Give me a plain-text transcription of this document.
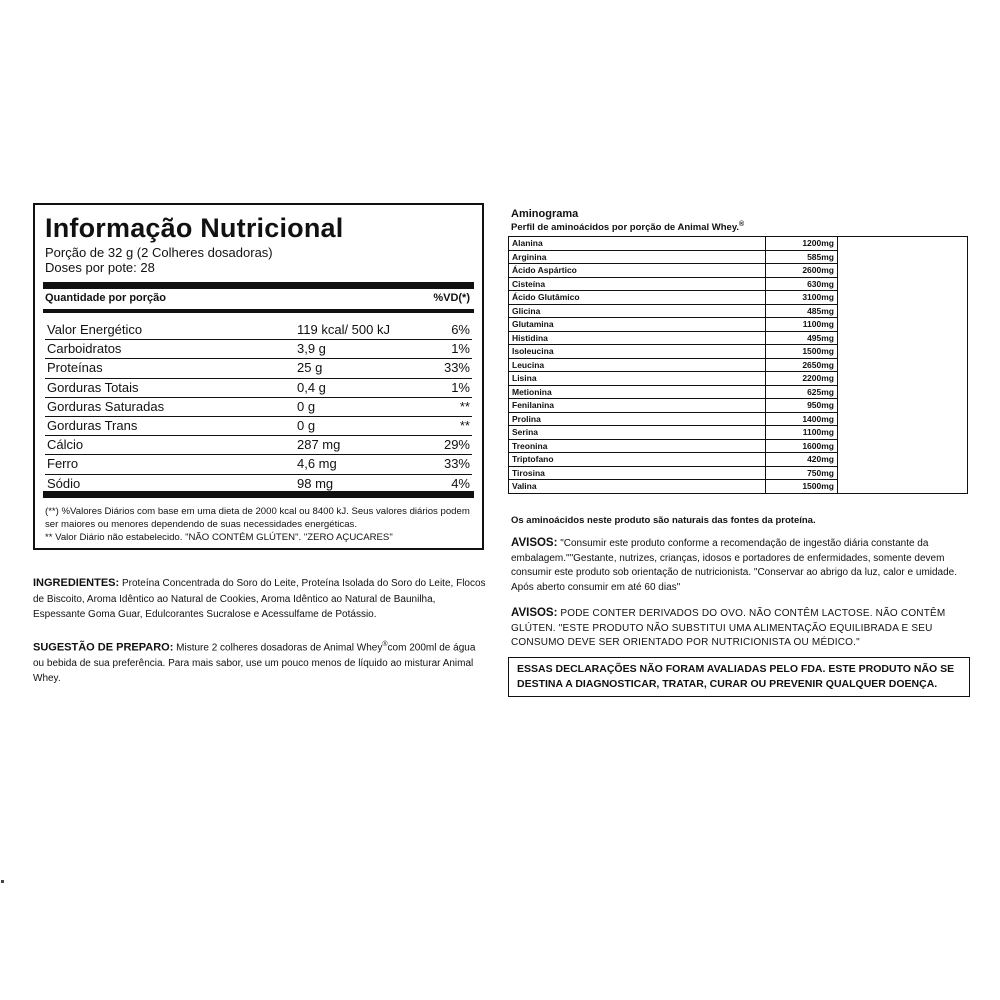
Informação Nutricional
Porção de 32 g (2 Colheres dosadoras)
Doses por pote: 28
Quantidade por porção	%VD(*)
Valor Energético	119 kcal/ 500 kJ	6%
Carboidratos	3,9 g	1%
Proteínas	25 g	33%
Gorduras Totais	0,4 g	1%
Gorduras Saturadas	0 g	**
Gorduras Trans	0 g	**
Cálcio	287 mg	29%
Ferro	4,6 mg	33%
Sódio	98 mg	4%
(**) %Valores Diários com base em uma dieta de 2000 kcal ou 8400 kJ. Seus valores diários podem ser maiores ou menores dependendo de suas necessidades energéticas.
** Valor Diário não estabelecido. "NÃO CONTÉM GLÚTEN". "ZERO AÇUCARES"
INGREDIENTES: Proteína Concentrada do Soro do Leite, Proteína Isolada do Soro do Leite, Flocos de Biscoito, Aroma Idêntico ao Natural de Cookies, Aroma Idêntico ao Natural de Baunilha, Espessante Goma Guar, Edulcorantes Sucralose e Acessulfame de Potássio.
SUGESTÃO DE PREPARO: Misture 2 colheres dosadoras de Animal Whey®com 200ml de água ou bebida de sua preferência. Para mais sabor, use um pouco menos de líquido ao misturar Animal Whey.
Aminograma
Perfil de aminoácidos por porção de Animal Whey.®
Alanina	1200mg	
Arginina	585mg	
Ácido Aspártico	2600mg	
Cisteína	630mg	
Ácido Glutâmico	3100mg	
Glicina	485mg	
Glutamina	1100mg	
Histidina	495mg	
Isoleucina	1500mg	
Leucina	2650mg	
Lisina	2200mg	
Metionina	625mg	
Fenilanina	950mg	
Prolina	1400mg	
Serina	1100mg	
Treonina	1600mg	
Triptofano	420mg	
Tirosina	750mg	
Valina	1500mg	
Os aminoácidos neste produto são naturais das fontes da proteína.
AVISOS: "Consumir este produto conforme a recomendação de ingestão diária constante da embalagem.""Gestante, nutrizes, crianças, idosos e portadores de enfermidades, somente devem consumir este produto sob orientação de nutricionista. "Conservar ao abrigo da luz, calor e umidade. Após aberto consumir em até 60 dias"
AVISOS: PODE CONTER DERIVADOS DO OVO. NÃO CONTÊM LACTOSE. NÃO CONTÊM GLÚTEN. "ESTE PRODUTO NÃO SUBSTITUI UMA ALIMENTAÇÃO EQUILIBRADA E SEU CONSUMO DEVE SER ORIENTADO POR NUTRICIONISTA OU MÉDICO."
ESSAS DECLARAÇÕES NÃO FORAM AVALIADAS PELO FDA. ESTE PRODUTO NÃO SE DESTINA A DIAGNOSTICAR, TRATAR, CURAR OU PREVENIR QUALQUER DOENÇA.
